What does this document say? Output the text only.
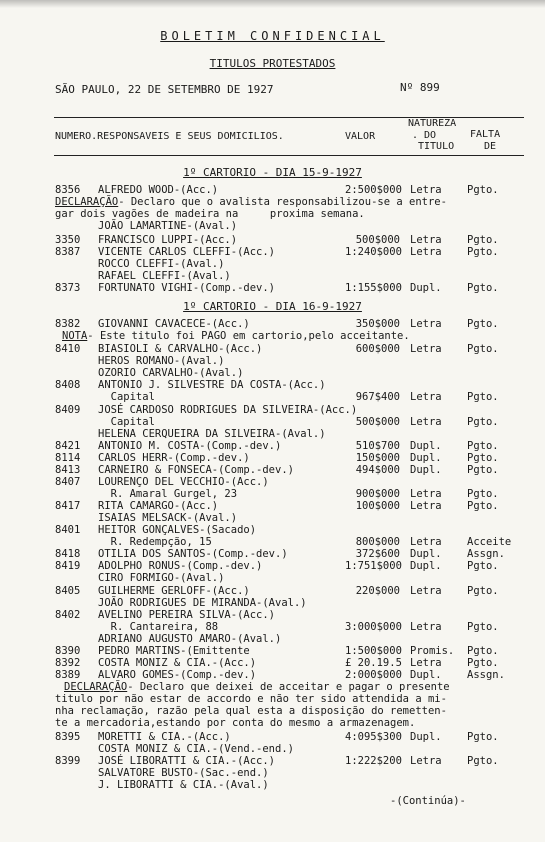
BOLETIM CONFIDENCIAL
TITULOS PROTESTADOS
SÃO PAULO, 22 DE SETEMBRO DE 1927	Nº 899
NUMERO.RESPONSAVEIS E SEUS DOMICILIOS.	VALOR
NATUREZA
. DO
TITULO
FALTA
DE
1º CARTORIO - DIA 15-9-1927
8356 ALFREDO WOOD-(Acc.)	2:500$000 Letra Pgto.
DECLARAÇÃO- Declaro que o avalista responsabilizou-se a entre-
gar dois vagões de madeira na     proxima semana.
JOÃO LAMARTINE-(Aval.)
3350 FRANCISCO LUPPI-(Acc.)	500$000 Letra Pgto.
8387 VICENTE CARLOS CLEFFI-(Acc.)	1:240$000 Letra Pgto.
ROCCO CLEFFI-(Aval.)
RAFAEL CLEFFI-(Aval.)
8373 FORTUNATO VIGHI-(Comp.-dev.)	1:155$000 Dupl. Pgto.
1º CARTORIO - DIA 16-9-1927
8382 GIOVANNI CAVACECE-(Acc.)	350$000 Letra Pgto.
NOTA- Este titulo foi PAGO em cartorio,pelo acceitante.
8410 BIASIOLI & CARVALHO-(Acc.)	600$000 Letra Pgto.
HEROS ROMANO-(Aval.)
OZORIO CARVALHO-(Aval.)
8408 ANTONIO J. SILVESTRE DA COSTA-(Acc.)
Capital	967$400 Letra Pgto.
8409 JOSÉ CARDOSO RODRIGUES DA SILVEIRA-(Acc.)
Capital	500$000 Letra Pgto.
HELENA CERQUEIRA DA SILVEIRA-(Aval.)
8421 ANTONIO M. COSTA-(Comp.-dev.)	510$700 Dupl. Pgto.
8114 CARLOS HERR-(Comp.-dev.)	150$000 Dupl. Pgto.
8413 CARNEIRO & FONSECA-(Comp.-dev.)	494$000 Dupl. Pgto.
8407 LOURENÇO DEL VECCHIO-(Acc.)
R. Amaral Gurgel, 23	900$000 Letra Pgto.
8417 RITA CAMARGO-(Acc.)	100$000 Letra Pgto.
ISAIAS MELSACK-(Aval.)
8401 HEITOR GONÇALVES-(Sacado)
R. Redempção, 15	800$000 Letra Acceite
8418 OTILIA DOS SANTOS-(Comp.-dev.)	372$600 Dupl. Assgn.
8419 ADOLPHO RONUS-(Comp.-dev.)	1:751$000 Dupl. Pgto.
CIRO FORMIGO-(Aval.)
8405 GUILHERME GERLOFF-(Acc.)	220$000 Letra Pgto.
JOÃO RODRIGUES DE MIRANDA-(Aval.)
8402 AVELINO PEREIRA SILVA-(Acc.)
R. Cantareira, 88	3:000$000 Letra Pgto.
ADRIANO AUGUSTO AMARO-(Aval.)
8390 PEDRO MARTINS-(Emittente	1:500$000 Promis. Pgto.
8392 COSTA MONIZ & CIA.-(Acc.)	£ 20.19.5 Letra Pgto.
8389 ALVARO GOMES-(Comp.-dev.)	2:000$000 Dupl. Assgn.
DECLARAÇÃO- Declaro que deixei de acceitar e pagar o presente
titulo por não estar de accordo e não ter sido attendida a mi-
nha reclamação, razão pela qual esta a disposição do remetten-
te a mercadoria,estando por conta do mesmo a armazenagem.
8395 MORETTI & CIA.-(Acc.)	4:095$300 Dupl. Pgto.
COSTA MONIZ & CIA.-(Vend.-end.)
8399 JOSÉ LIBORATTI & CIA.-(Acc.)	1:222$200 Letra Pgto.
SALVATORE BUSTO-(Sac.-end.)
J. LIBORATTI & CIA.-(Aval.)
-(Continúa)-
